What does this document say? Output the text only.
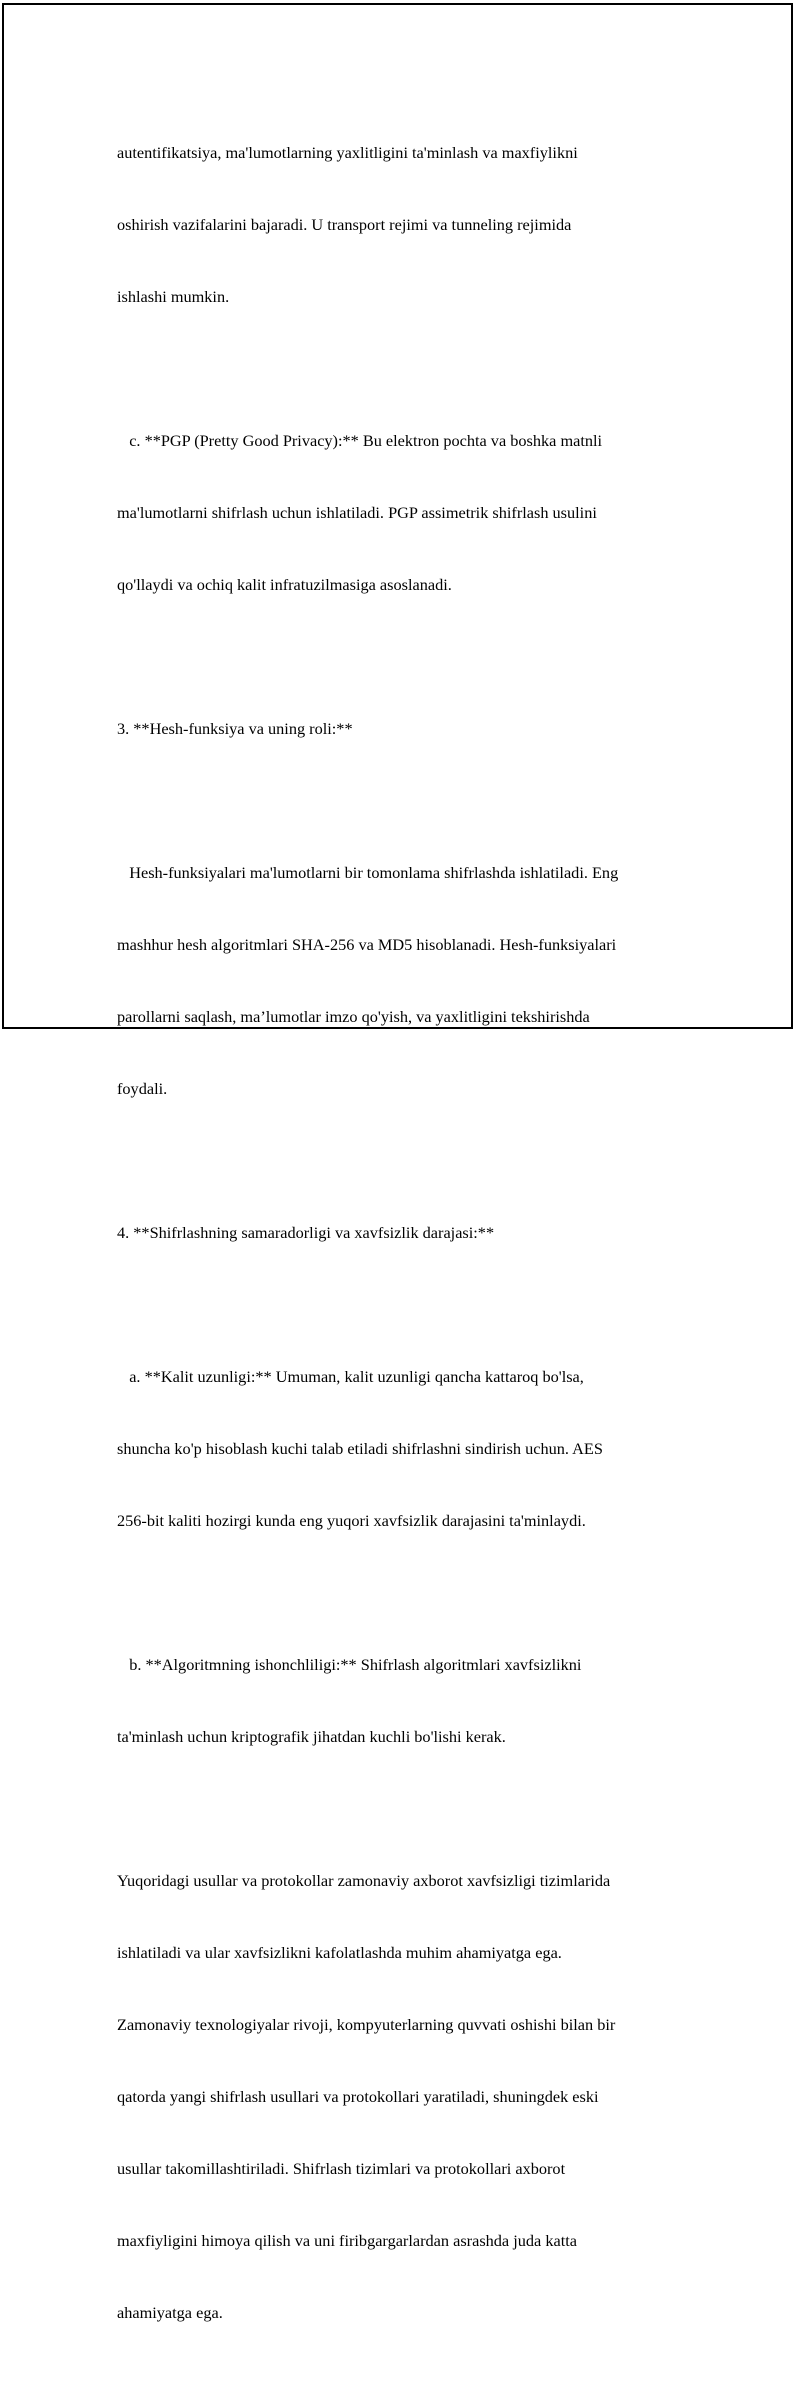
autentifikatsiya, ma'lumotlarning yaxlitligini ta'minlash va maxfiylikni

oshirish vazifalarini bajaradi. U transport rejimi va tunneling rejimida

ishlashi mumkin.

c. **PGP (Pretty Good Privacy):** Bu elektron pochta va boshka matnli

ma'lumotlarni shifrlash uchun ishlatiladi. PGP assimetrik shifrlash usulini

qo'llaydi va ochiq kalit infratuzilmasiga asoslanadi.

3. **Hesh-funksiya va uning roli:**

Hesh-funksiyalari ma'lumotlarni bir tomonlama shifrlashda ishlatiladi. Eng

mashhur hesh algoritmlari SHA-256 va MD5 hisoblanadi. Hesh-funksiyalari

parollarni saqlash, ma’lumotlar imzo qo'yish, va yaxlitligini tekshirishda

foydali.

4. **Shifrlashning samaradorligi va xavfsizlik darajasi:**

a. **Kalit uzunligi:** Umuman, kalit uzunligi qancha kattaroq bo'lsa,

shuncha ko'p hisoblash kuchi talab etiladi shifrlashni sindirish uchun. AES

256-bit kaliti hozirgi kunda eng yuqori xavfsizlik darajasini ta'minlaydi.

b. **Algoritmning ishonchliligi:** Shifrlash algoritmlari xavfsizlikni

ta'minlash uchun kriptografik jihatdan kuchli bo'lishi kerak.

Yuqoridagi usullar va protokollar zamonaviy axborot xavfsizligi tizimlarida

ishlatiladi va ular xavfsizlikni kafolatlashda muhim ahamiyatga ega.

Zamonaviy texnologiyalar rivoji, kompyuterlarning quvvati oshishi bilan bir

qatorda yangi shifrlash usullari va protokollari yaratiladi, shuningdek eski

usullar takomillashtiriladi. Shifrlash tizimlari va protokollari axborot

maxfiyligini himoya qilish va uni firibgargarlardan asrashda juda katta

ahamiyatga ega.
